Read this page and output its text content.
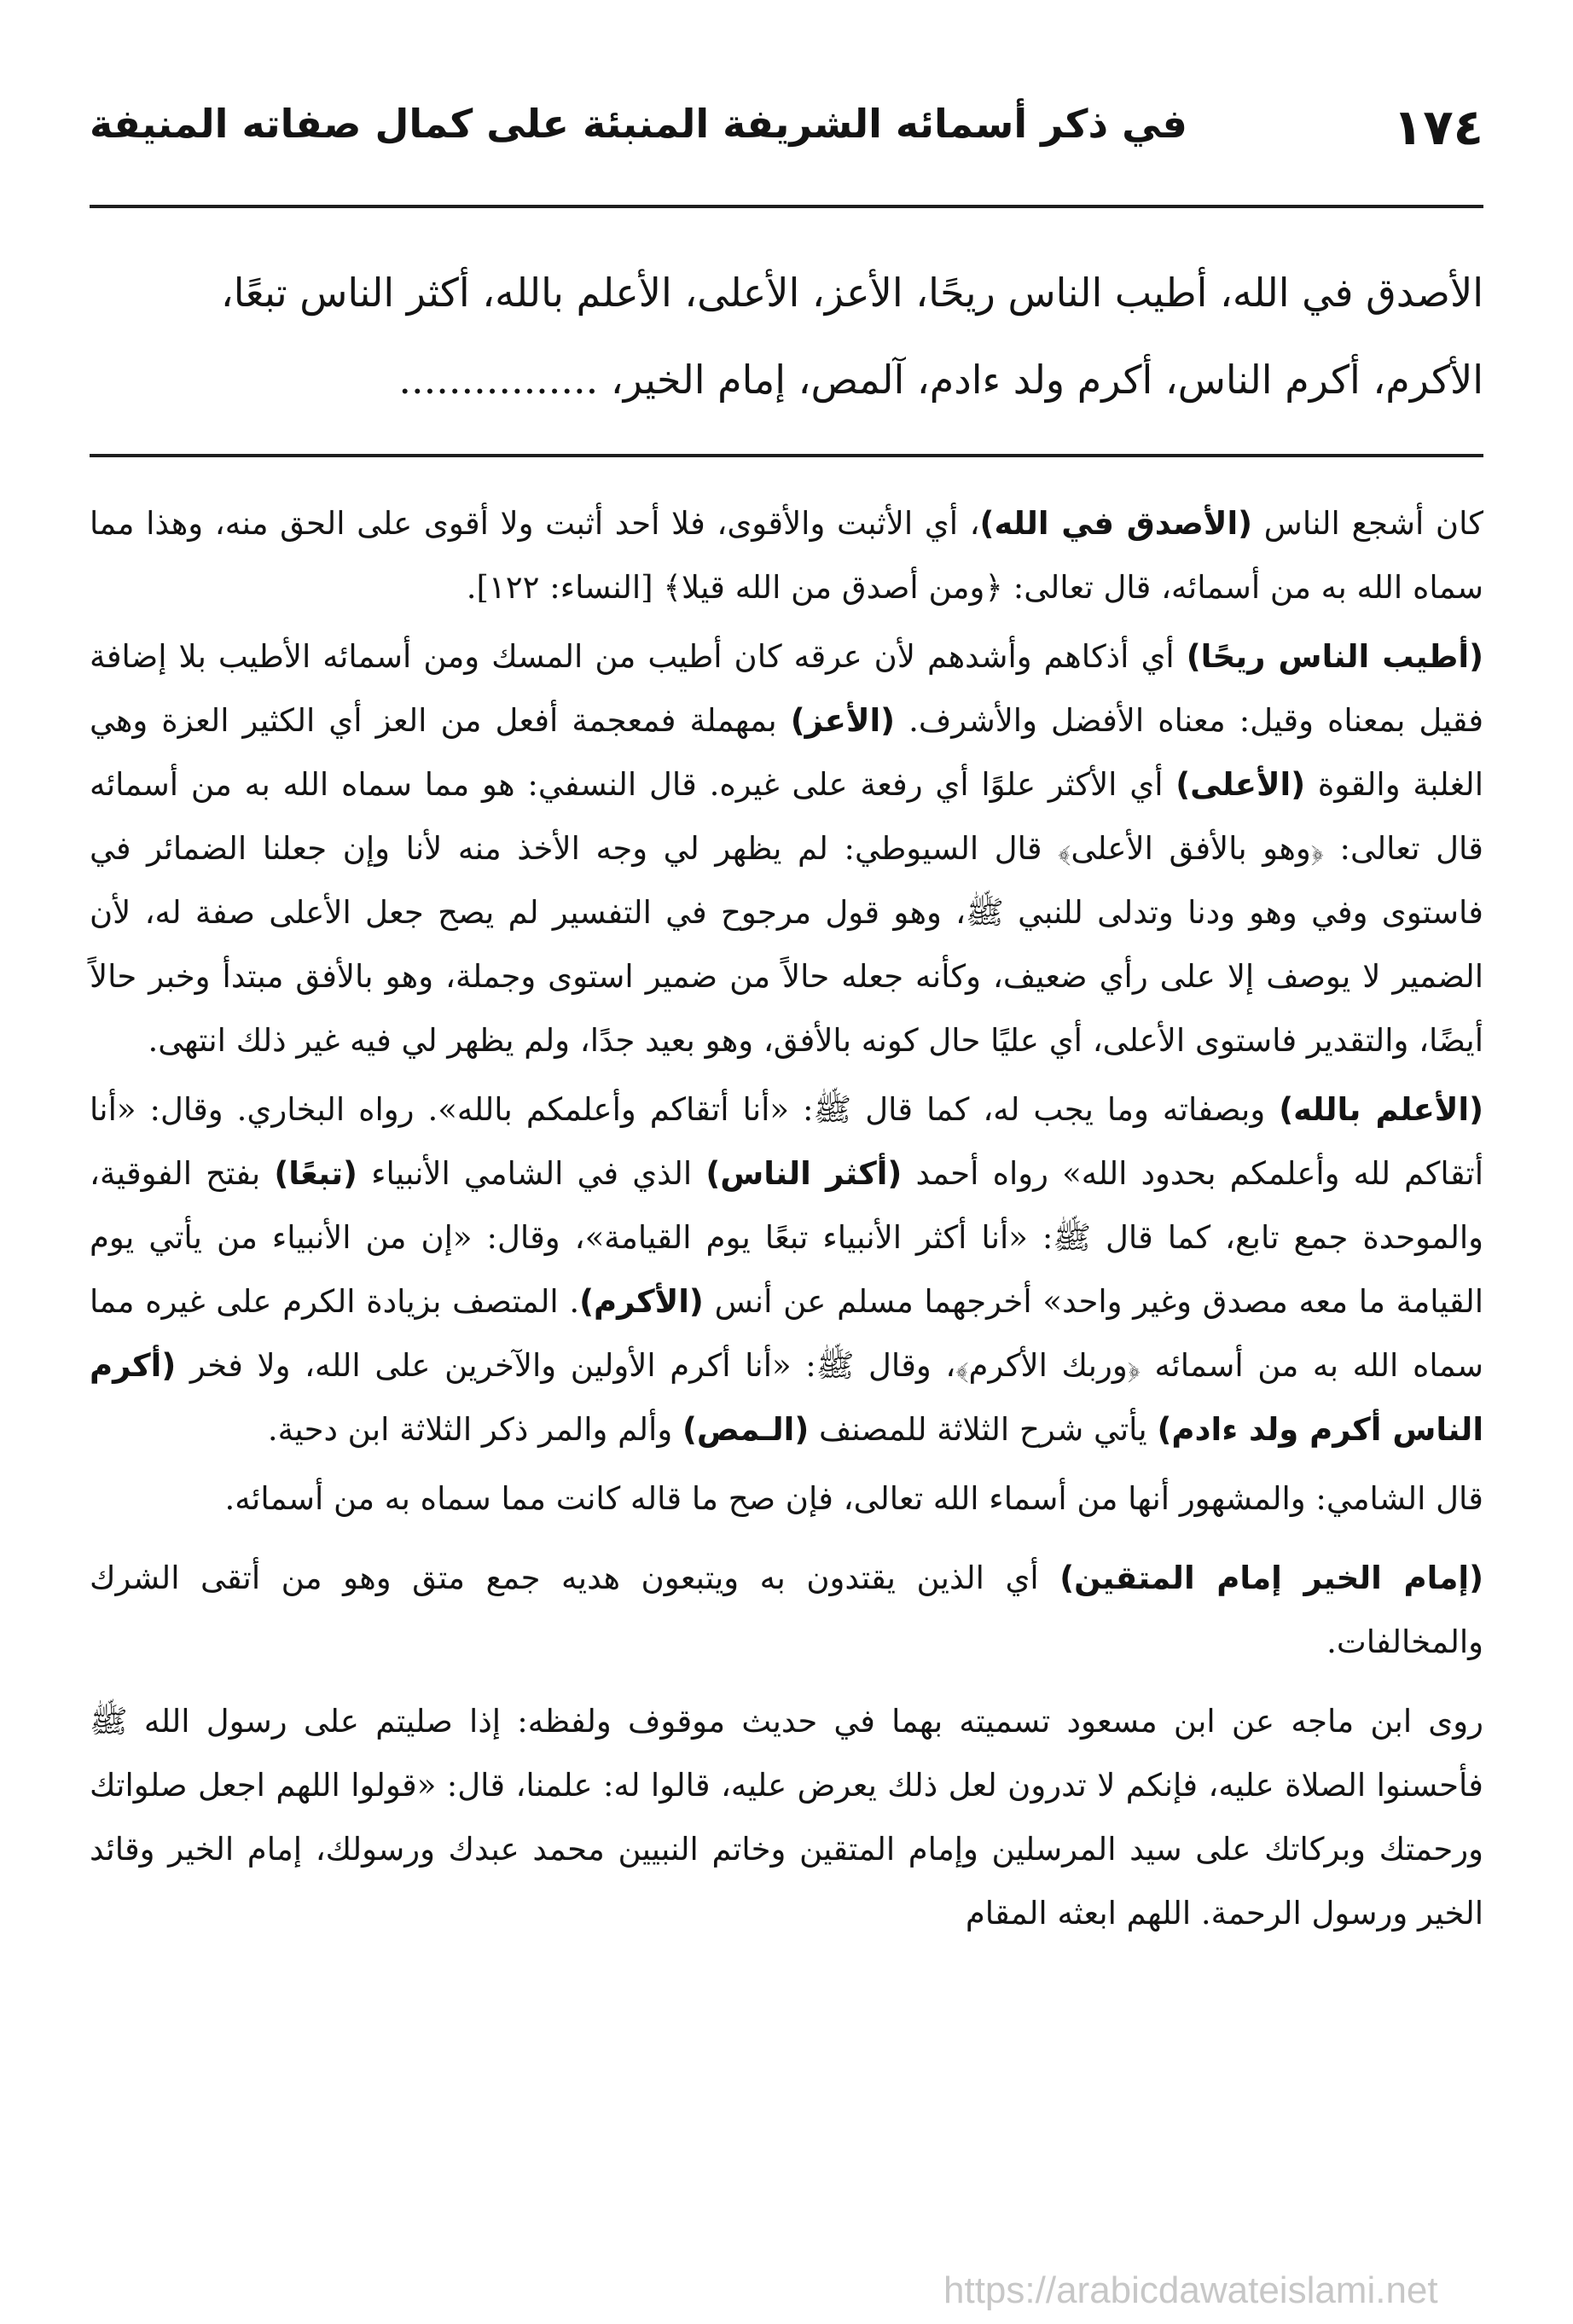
١٧٤
في ذكر أسمائه الشريفة المنبئة على كمال صفاته المنيفة
الأصدق في الله، أطيب الناس ريحًا، الأعز، الأعلى، الأعلم بالله، أكثر الناس تبعًا،
الأكرم، أكرم الناس، أكرم ولد ءادم، آلمص، إمام الخير، ................

كان أشجع الناس (الأصدق في الله)، أي الأثبت والأقوى، فلا أحد أثبت ولا أقوى على الحق منه، وهذا مما سماه الله به من أسمائه، قال تعالى: ﴿ومن أصدق من الله قيلا﴾ [النساء: ١٢٢].

(أطيب الناس ريحًا) أي أذكاهم وأشدهم لأن عرقه كان أطيب من المسك ومن أسمائه الأطيب بلا إضافة فقيل بمعناه وقيل: معناه الأفضل والأشرف. (الأعز) بمهملة فمعجمة أفعل من العز أي الكثير العزة وهي الغلبة والقوة (الأعلى) أي الأكثر علوًا أي رفعة على غيره. قال النسفي: هو مما سماه الله به من أسمائه قال تعالى: ﴿وهو بالأفق الأعلى﴾ قال السيوطي: لم يظهر لي وجه الأخذ منه لأنا وإن جعلنا الضمائر في فاستوى وفي وهو ودنا وتدلى للنبي ﷺ، وهو قول مرجوح في التفسير لم يصح جعل الأعلى صفة له، لأن الضمير لا يوصف إلا على رأي ضعيف، وكأنه جعله حالاً من ضمير استوى وجملة، وهو بالأفق مبتدأ وخبر حالاً أيضًا، والتقدير فاستوى الأعلى، أي عليًا حال كونه بالأفق، وهو بعيد جدًا، ولم يظهر لي فيه غير ذلك انتهى.

(الأعلم بالله) وبصفاته وما يجب له، كما قال ﷺ: «أنا أتقاكم وأعلمكم بالله». رواه البخاري. وقال: «أنا أتقاكم لله وأعلمكم بحدود الله» رواه أحمد (أكثر الناس) الذي في الشامي الأنبياء (تبعًا) بفتح الفوقية، والموحدة جمع تابع، كما قال ﷺ: «أنا أكثر الأنبياء تبعًا يوم القيامة»، وقال: «إن من الأنبياء من يأتي يوم القيامة ما معه مصدق وغير واحد» أخرجهما مسلم عن أنس (الأكرم). المتصف بزيادة الكرم على غيره مما سماه الله به من أسمائه ﴿وربك الأكرم﴾، وقال ﷺ: «أنا أكرم الأولين والآخرين على الله، ولا فخر (أكرم الناس أكرم ولد ءادم) يأتي شرح الثلاثة للمصنف (الـمص) وألم والمر ذكر الثلاثة ابن دحية.

قال الشامي: والمشهور أنها من أسماء الله تعالى، فإن صح ما قاله كانت مما سماه به من أسمائه.

(إمام الخير إمام المتقين) أي الذين يقتدون به ويتبعون هديه جمع متق وهو من أتقى الشرك والمخالفات.

روى ابن ماجه عن ابن مسعود تسميته بهما في حديث موقوف ولفظه: إذا صليتم على رسول الله ﷺ فأحسنوا الصلاة عليه، فإنكم لا تدرون لعل ذلك يعرض عليه، قالوا له: علمنا، قال: «قولوا اللهم اجعل صلواتك ورحمتك وبركاتك على سيد المرسلين وإمام المتقين وخاتم النبيين محمد عبدك ورسولك، إمام الخير وقائد الخير ورسول الرحمة. اللهم ابعثه المقام

https://arabicdawateislami.net
